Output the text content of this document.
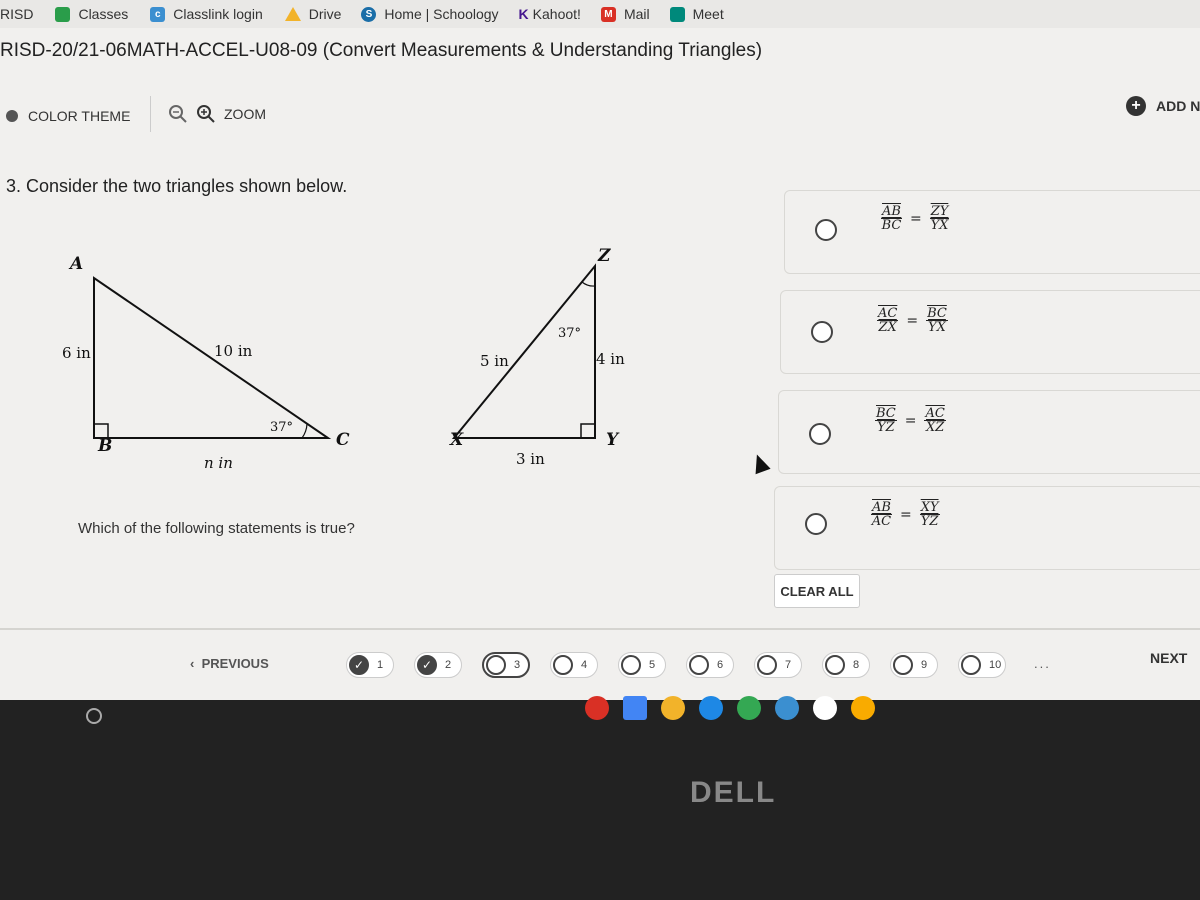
RISD	Classes	c Classlink login	Drive	S Home | Schoology K Kahoot!	M Mail	Meet
RISD-20/21-06MATH-ACCEL-U08-09 (Convert Measurements & Understanding Triangles)
COLOR THEME	ZOOM	+	ADD N
3. Consider the two triangles shown below.
A
B	C
6 in	10 in
n in
37°
Z
X	Y
5 in	4 in
3 in
37°
Which of the following statements is true?
$\frac{\overline{AB}}{BC} = \frac{\overline{ZY}}{YX}$
$\frac{\overline{AC}}{ZX} = \frac{\overline{BC}}{YX}$
$\frac{\overline{BC}}{YZ} = \frac{\overline{AC}}{XZ}$
$\frac{\overline{AB}}{AC} = \frac{\overline{XY}}{YZ}$
CLEAR ALL
‹  PREVIOUS	✓	1	✓	2	3	4	5	6	7	8	9	10	...	NEXT
DELL
